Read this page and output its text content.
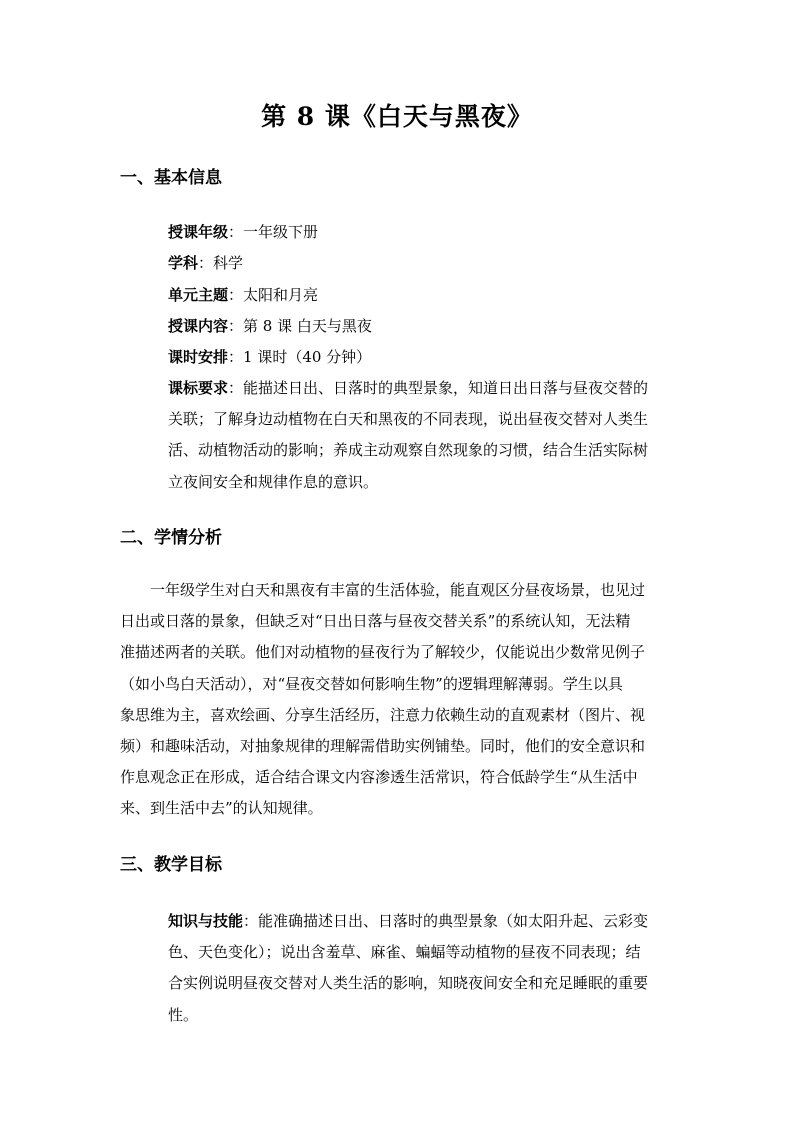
第 8 课《白天与黑夜》
一、基本信息
授课年级：一年级下册
学科：科学
单元主题：太阳和月亮
授课内容：第 8 课 白天与黑夜
课时安排：1 课时（40 分钟）
课标要求：能描述日出、日落时的典型景象，知道日出日落与昼夜交替的
关联；了解身边动植物在白天和黑夜的不同表现，说出昼夜交替对人类生
活、动植物活动的影响；养成主动观察自然现象的习惯，结合生活实际树
立夜间安全和规律作息的意识。
二、学情分析
一年级学生对白天和黑夜有丰富的生活体验，能直观区分昼夜场景，也见过
日出或日落的景象，但缺乏对“日出日落与昼夜交替关系”的系统认知，无法精
准描述两者的关联。他们对动植物的昼夜行为了解较少，仅能说出少数常见例子
（如小鸟白天活动），对“昼夜交替如何影响生物”的逻辑理解薄弱。学生以具
象思维为主，喜欢绘画、分享生活经历，注意力依赖生动的直观素材（图片、视
频）和趣味活动，对抽象规律的理解需借助实例铺垫。同时，他们的安全意识和
作息观念正在形成，适合结合课文内容渗透生活常识，符合低龄学生“从生活中
来、到生活中去”的认知规律。
三、教学目标
知识与技能：能准确描述日出、日落时的典型景象（如太阳升起、云彩变
色、天色变化）；说出含羞草、麻雀、蝙蝠等动植物的昼夜不同表现；结
合实例说明昼夜交替对人类生活的影响，知晓夜间安全和充足睡眠的重要
性。
